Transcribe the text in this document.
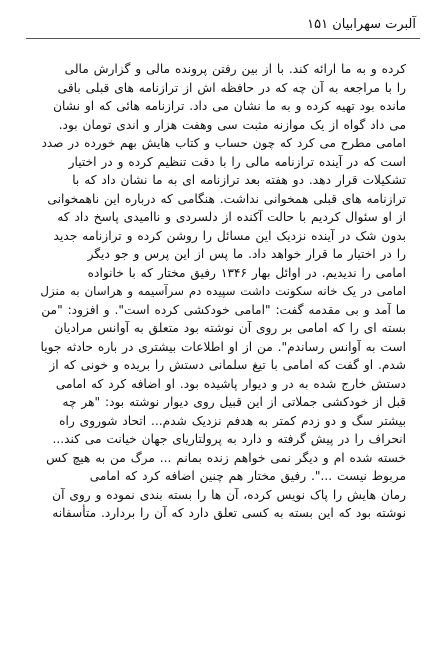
آلبرت سهرابیان ۱۵۱
کرده و به ما ارائه کند. با از بین رفتن پرونده مالی و گزارش مالی
را با مراجعه به آن چه که در حافظه اش از ترازنامه های قبلی باقی
مانده بود تهیه کرده و به ما نشان می داد. ترازنامه هائی که او نشان
می داد گواه از یک موازنه مثبت سی وهفت هزار و اندی تومان بود.
امامی مطرح می کرد که چون حساب و کتاب هایش بهم خورده در صدد
است که در آینده ترازنامه مالی را با دقت تنظیم کرده و در اختیار
تشکیلات قرار دهد. دو هفته بعد ترازنامه ای به ما نشان داد که با
ترازنامه های قبلی همخوانی نداشت. هنگامی که درباره این ناهمخوانی
از او سئوال کردیم با حالت آکنده از دلسردی و ناامیدی پاسخ داد که
بدون شک در آینده نزدیک این مسائل را روشن کرده و ترازنامه جدید
را در اختیار ما قرار خواهد داد. ما پس از این پرس و جو دیگر
امامی را ندیدیم. در اوائل بهار ۱۳۴۶ رفیق مختار که با خانواده
امامی در یک خانه سکونت داشت سپیده دم سرآسیمه و هراسان به منزل
ما آمد و بی مقدمه گفت: "امامی خودکشی کرده است". و افزود: "من
بسته ای را که امامی بر روی آن نوشته بود متعلق به آوانس مرادیان
است به آوانس رساندم". من از او اطلاعات بیشتری در باره حادثه جویا
شدم. او گفت که امامی با تیغ سلمانی دستش را بریده و خونی که از
دستش خارج شده به در و دیوار پاشیده بود. او اضافه کرد که امامی
قبل از خودکشی جملاتی از این قبیل روی دیوار نوشته بود: "هر چه
بیشتر سگ و دو زدم کمتر به هدفم نزدیک شدم... اتحاد شوروی راه
انحراف را در پیش گرفته و دارد به پرولتاریای جهان خیانت می کند...
خسته شده ام و دیگر نمی خواهم زنده بمانم ... مرگ من به هیچ کس
مربوط نیست ...". رفیق مختار هم چنین اضافه کرد که امامی
رمان هایش را پاک نویس کرده، آن ها را بسته بندی نموده و روی آن
نوشته بود که این بسته به کسی تعلق دارد که آن را بردارد. متأسفانه
